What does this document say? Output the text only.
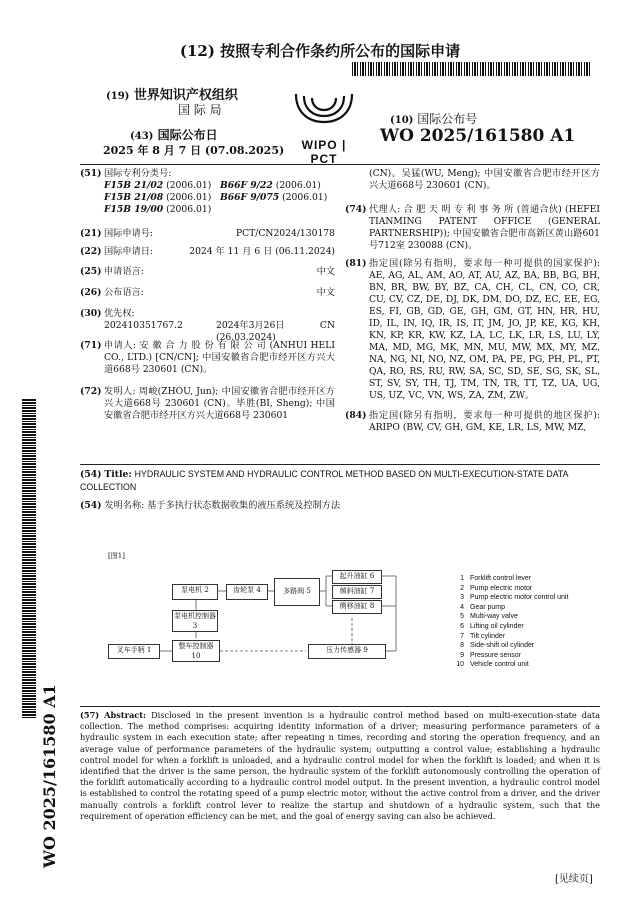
(12) 按照专利合作条约所公布的国际申请
(19) 世界知识产权组织
国 际 局
(43) 国际公布日
2025 年 8 月 7 日 (07.08.2025)	WIPO | PCT
(10) 国际公布号
WO 2025/161580 A1
(51) 国际专利分类号:
F15B 21/02 (2006.01) B66F 9/22 (2006.01)
F15B 21/08 (2006.01) B66F 9/075 (2006.01)
F15B 19/00 (2006.01)
(21) 国际申请号:	PCT/CN2024/130178
(22) 国际申请日:	2024 年 11 月 6 日 (06.11.2024)
(25) 申请语言:	中文
(26) 公布语言:	中文
(30) 优先权:
202410351767.2	2024年3月26日 (26.03.2024)
CN
(71) 申请人: 安 徽 合 力 股 份 有 限 公 司 (ANHUI HELI CO., LTD.) [CN/CN]; 中国安徽省合肥市经开区方兴大道668号 230601 (CN)。
(72) 发明人: 周峻(ZHOU, Jun); 中国安徽省合肥市经开区方兴大道668号 230601 (CN)。毕胜(BI, Sheng); 中国安徽省合肥市经开区方兴大道668号 230601
(CN)。吴猛(WU, Meng); 中国安徽省合肥市经开区方兴大道668号 230601 (CN)。
(74) 代理人: 合 肥 天 明 专 利 事 务 所 (普通合伙) (HEFEI TIANMING PATENT OFFICE (GENERAL PARTNERSHIP)); 中国安徽省合肥市高新区黄山路601号712室 230088 (CN)。
(81) 指定国(除另有指明，要求每一种可提供的国家保护): AE, AG, AL, AM, AO, AT, AU, AZ, BA, BB, BG, BH, BN, BR, BW, BY, BZ, CA, CH, CL, CN, CO, CR, CU, CV, CZ, DE, DJ, DK, DM, DO, DZ, EC, EE, EG, ES, FI, GB, GD, GE, GH, GM, GT, HN, HR, HU, ID, IL, IN, IQ, IR, IS, IT, JM, JO, JP, KE, KG, KH, KN, KP, KR, KW, KZ, LA, LC, LK, LR, LS, LU, LY, MA, MD, MG, MK, MN, MU, MW, MX, MY, MZ, NA, NG, NI, NO, NZ, OM, PA, PE, PG, PH, PL, PT, QA, RO, RS, RU, RW, SA, SC, SD, SE, SG, SK, SL, ST, SV, SY, TH, TJ, TM, TN, TR, TT, TZ, UA, UG, US, UZ, VC, VN, WS, ZA, ZM, ZW。
(84) 指定国(除另有指明，要求每一种可提供的地区保护): ARIPO (BW, CV, GH, GM, KE, LR, LS, MW, MZ,
(54) Title: HYDRAULIC SYSTEM AND HYDRAULIC CONTROL METHOD BASED ON MULTI-EXECUTION-STATE DATA COLLECTION
(54) 发明名称: 基于多执行状态数据收集的液压系统及控制方法
[图1]
泵电机 2	齿轮泵 4	多路阀 5
起升油缸 6
倾斜油缸 7
侧移油缸 8
泵电机控制器 3
叉车手柄 1	整车控制器 10
压力传感器 9
1 Forklift control lever
2 Pump electric motor
3 Pump electric motor control unit
4 Gear pump
5 Multi-way valve
6 Lifting oil cylinder
7 Tilt cylinder
8 Side-shift oil cylinder
9 Pressure sensor
10 Vehicle control unit
(57) Abstract: Disclosed in the present invention is a hydraulic control method based on multi-execution-state data collection. The method comprises: acquiring identity information of a driver; measuring performance parameters of a hydraulic system in each execution state; after repeating n times, recording and storing the operation frequency, and an average value of performance parameters of the hydraulic system; outputting a control value; establishing a hydraulic control model for when a forklift is unloaded, and a hydraulic control model for when the forklift is loaded; and when it is identified that the driver is the same person, the hydraulic system of the forklift autonomously controlling the operation of the forklift automatically according to a hydraulic control model output. In the present invention, a hydraulic control model is established to control the rotating speed of a pump electric motor, without the active control from a driver, and the driver manually controls a forklift control lever to realize the startup and shutdown of a hydraulic system, such that the requirement of operation efficiency can be met, and the goal of energy saving can also be achieved.
WO 2025/161580 A1
[见续页]
